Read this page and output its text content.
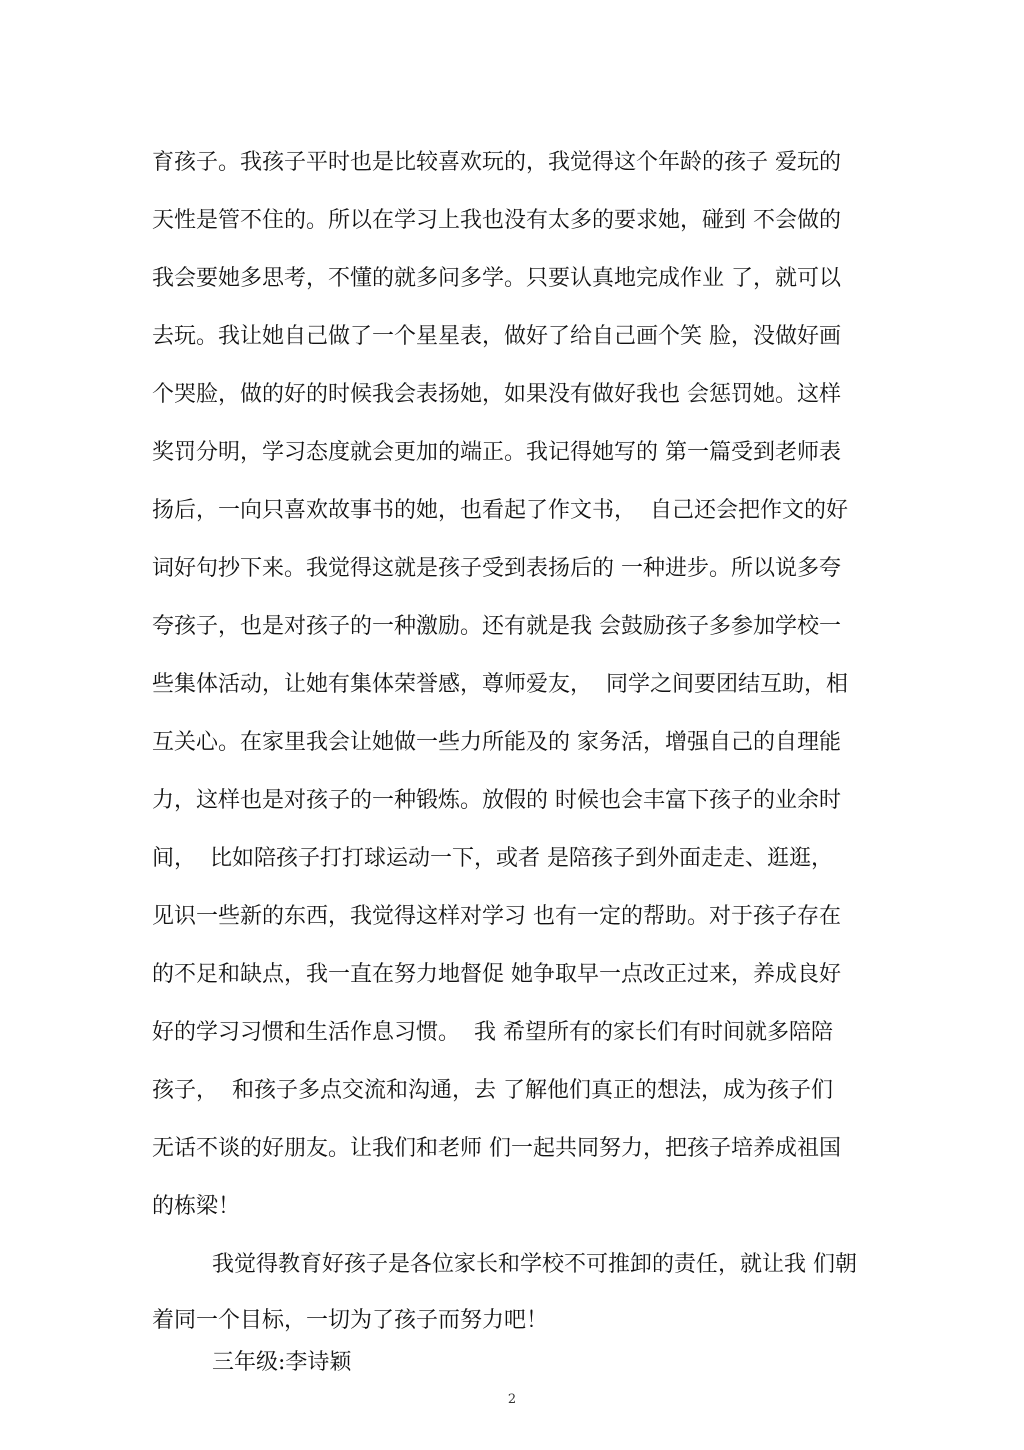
育孩子。我孩子平时也是比较喜欢玩的，我觉得这个年龄的孩子 爱玩的
天性是管不住的。所以在学习上我也没有太多的要求她，碰到 不会做的
我会要她多思考，不懂的就多问多学。只要认真地完成作业 了，就可以
去玩。我让她自己做了一个星星表，做好了给自己画个笑 脸，没做好画
个哭脸，做的好的时候我会表扬她，如果没有做好我也 会惩罚她。这样
奖罚分明，学习态度就会更加的端正。我记得她写的 第一篇受到老师表
扬后，一向只喜欢故事书的她，也看起了作文书，  自己还会把作文的好
词好句抄下来。我觉得这就是孩子受到表扬后的 一种进步。所以说多夸
夸孩子，也是对孩子的一种激励。还有就是我 会鼓励孩子多参加学校一
些集体活动，让她有集体荣誉感，尊师爱友，  同学之间要团结互助，相
互关心。在家里我会让她做一些力所能及的 家务活，增强自己的自理能
力，这样也是对孩子的一种锻炼。放假的 时候也会丰富下孩子的业余时
间，  比如陪孩子打打球运动一下，或者 是陪孩子到外面走走、逛逛，
见识一些新的东西，我觉得这样对学习 也有一定的帮助。对于孩子存在
的不足和缺点，我一直在努力地督促 她争取早一点改正过来，养成良好
好的学习习惯和生活作息习惯。  我 希望所有的家长们有时间就多陪陪
孩子，  和孩子多点交流和沟通，去 了解他们真正的想法，成为孩子们
无话不谈的好朋友。让我们和老师 们一起共同努力，把孩子培养成祖国
的栋梁！
我觉得教育好孩子是各位家长和学校不可推卸的责任，就让我 们朝
着同一个目标，一切为了孩子而努力吧！
三年级:李诗颖
2
